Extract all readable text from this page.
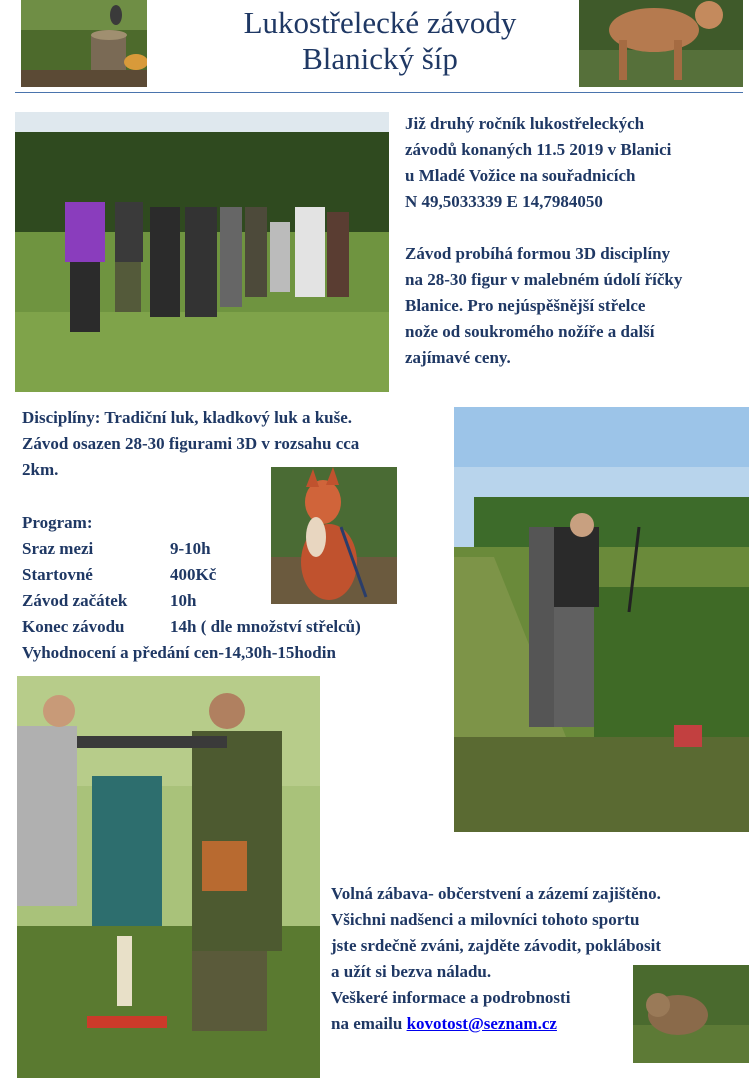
Lukostřelecké závody
Blanický šíp

Již druhý ročník lukostřeleckých

závodů konaných 11.5 2019 v Blanici

u Mladé Vožice na souřadnicích

N 49,5033339 E 14,7984050

Závod probíhá formou 3D disciplíny

na 28-30 figur v malebném údolí říčky

Blanice. Pro nejúspěšnější střelce

nože od soukromého nožíře a další

zajímavé ceny.

Disciplíny: Tradiční luk, kladkový luk a kuše.

Závod osazen 28-30 figurami 3D v rozsahu cca

2km.

Program:

Sraz mezi	9-10h
Startovné	400Kč
Závod začátek	10h
Konec závodu	14h ( dle množství střelců)

Vyhodnocení a předání cen-14,30h-15hodin

Volná zábava- občerstvení a zázemí zajištěno.

Všichni nadšenci a milovníci tohoto sportu

jste srdečně zváni, zajděte závodit, poklábosit

a užít si bezva náladu.

Veškeré informace a podrobnosti

na emailu kovotost@seznam.cz
